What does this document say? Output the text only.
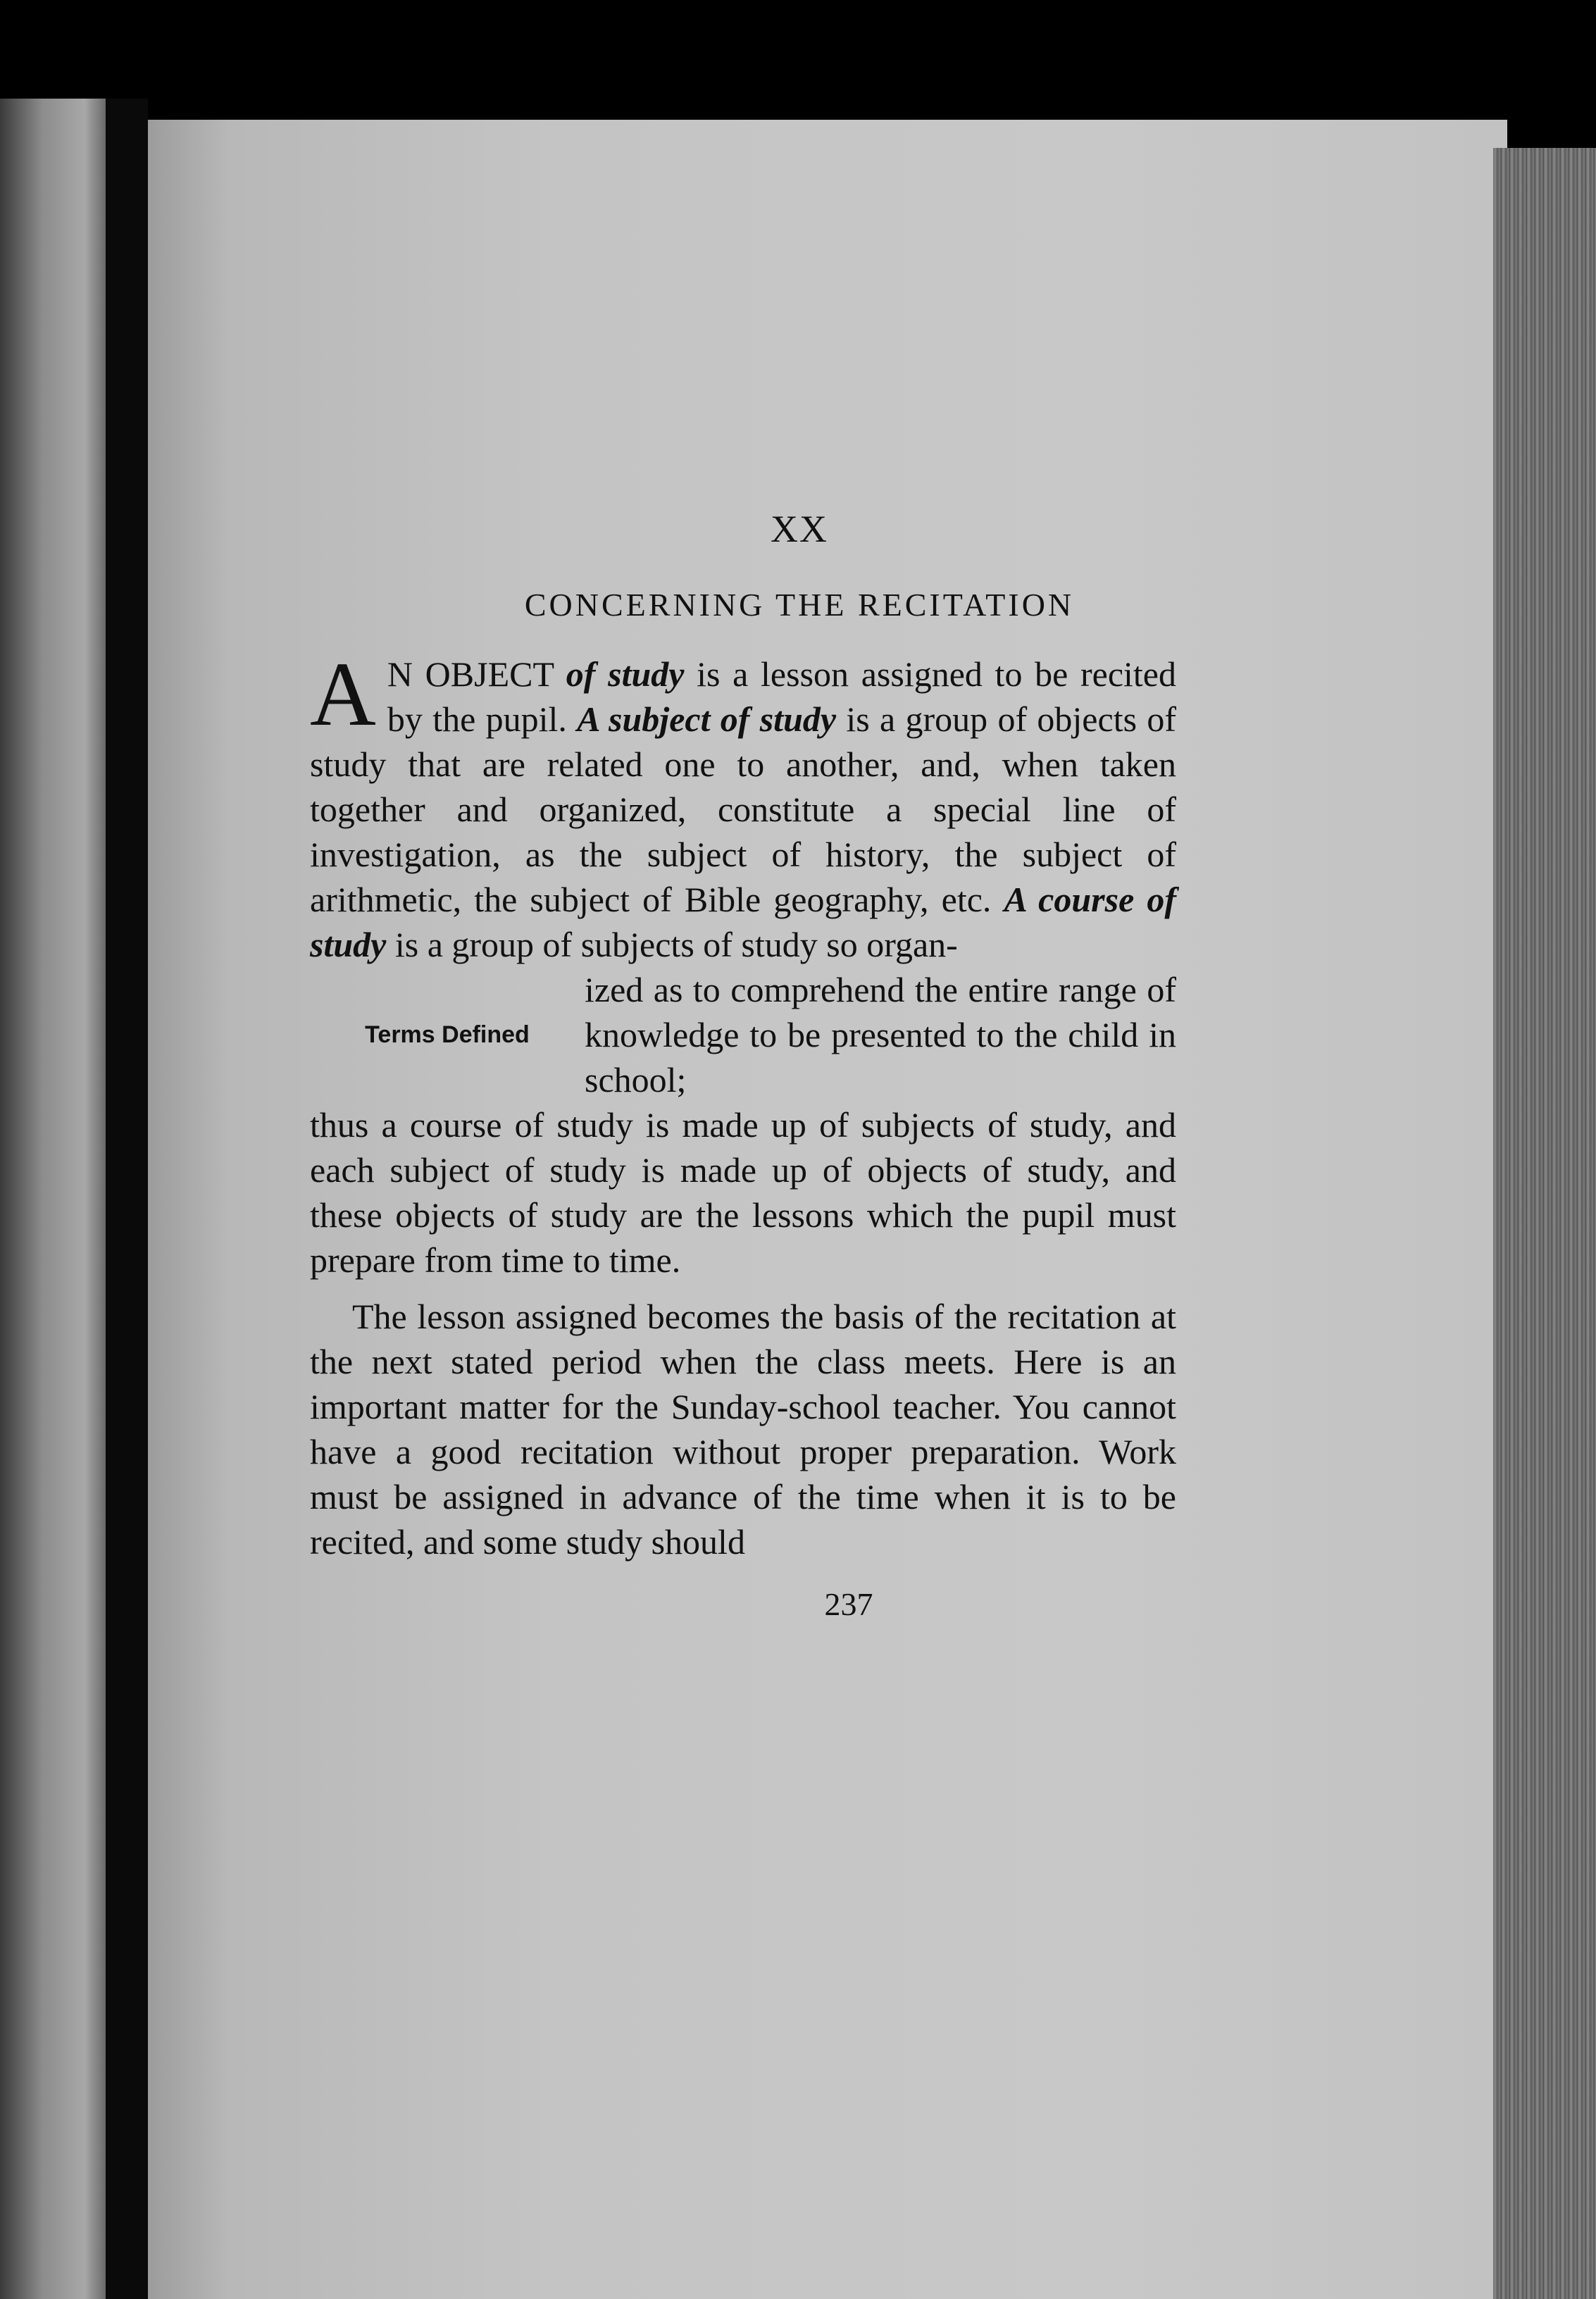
XX
CONCERNING THE RECITATION

A N OBJECT of study is a lesson assigned to be recited by the pupil. A subject of study is a group of objects of study that are related one to another, and, when taken together and organized, constitute a special line of investigation, as the subject of history, the subject of arithmetic, the subject of Bible geography, etc. A course of study is a group of subjects of study so organ-

Terms Defined
ized as to comprehend the entire range of knowledge to be presented to the child in school;

thus a course of study is made up of subjects of study, and each subject of study is made up of objects of study, and these objects of study are the lessons which the pupil must prepare from time to time.

The lesson assigned becomes the basis of the recitation at the next stated period when the class meets. Here is an important matter for the Sunday-school teacher. You cannot have a good recitation without proper preparation. Work must be assigned in advance of the time when it is to be recited, and some study should

237
